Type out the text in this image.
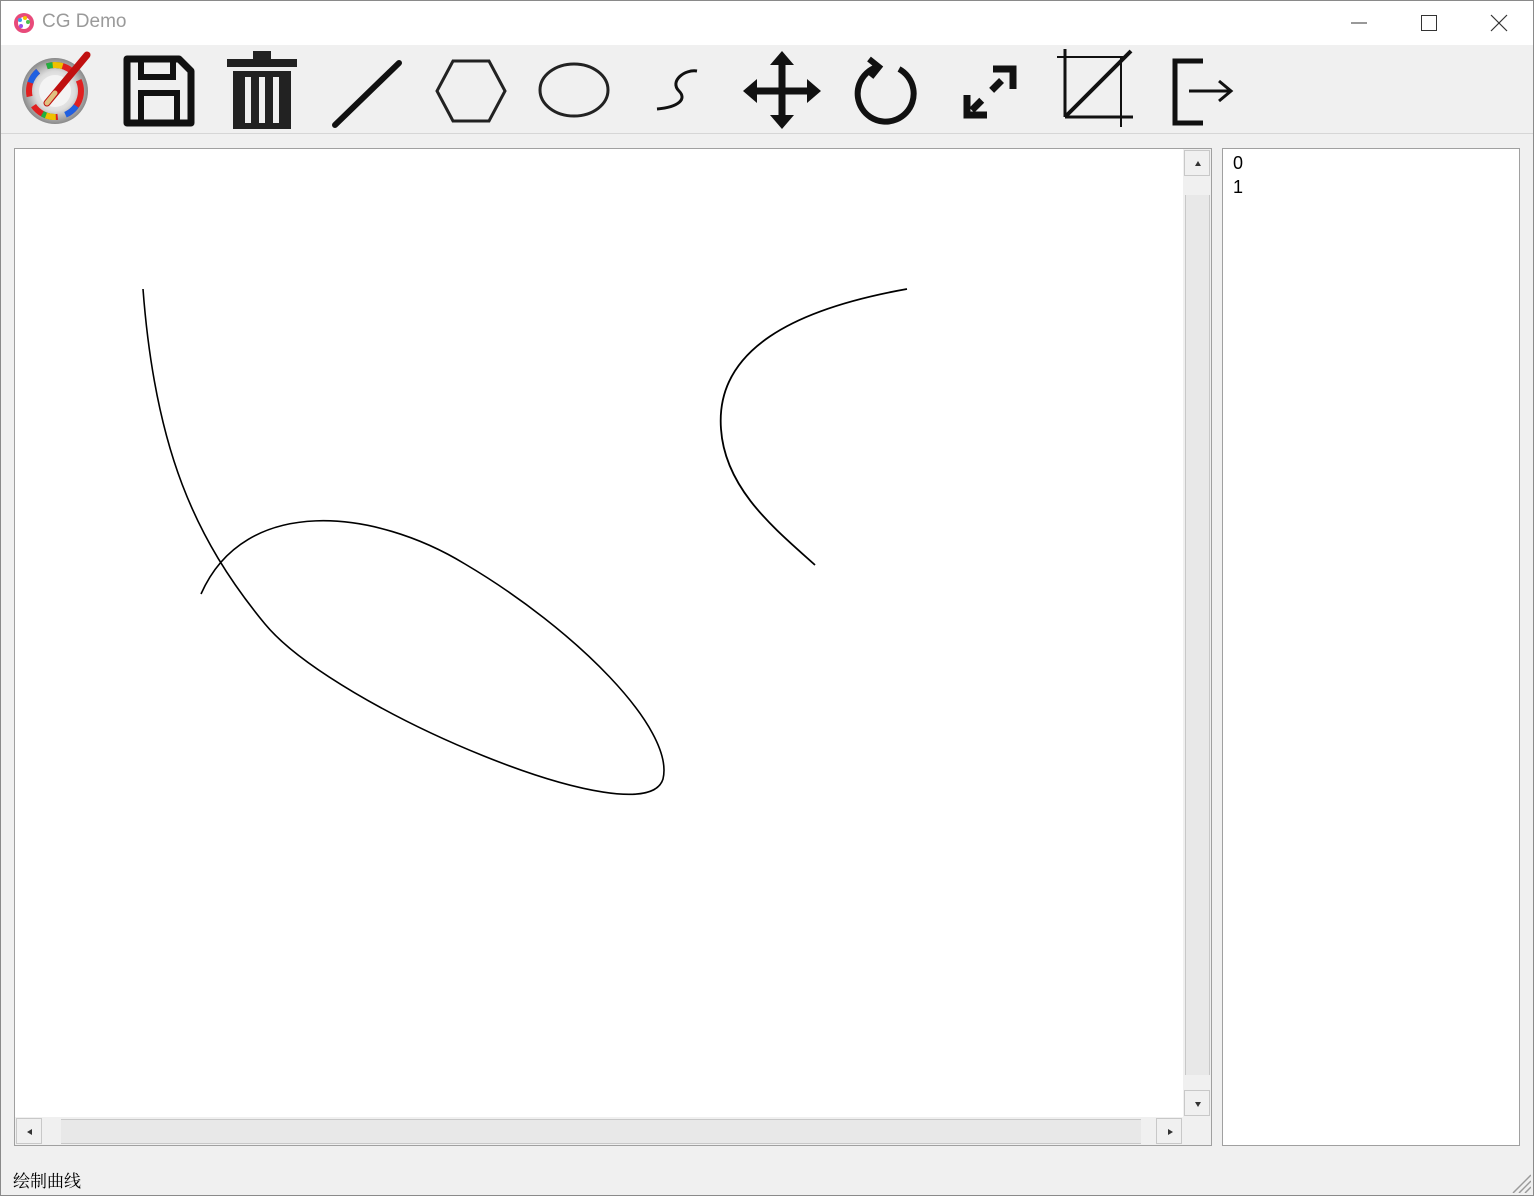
CG Demo
0
1
绘制曲线
